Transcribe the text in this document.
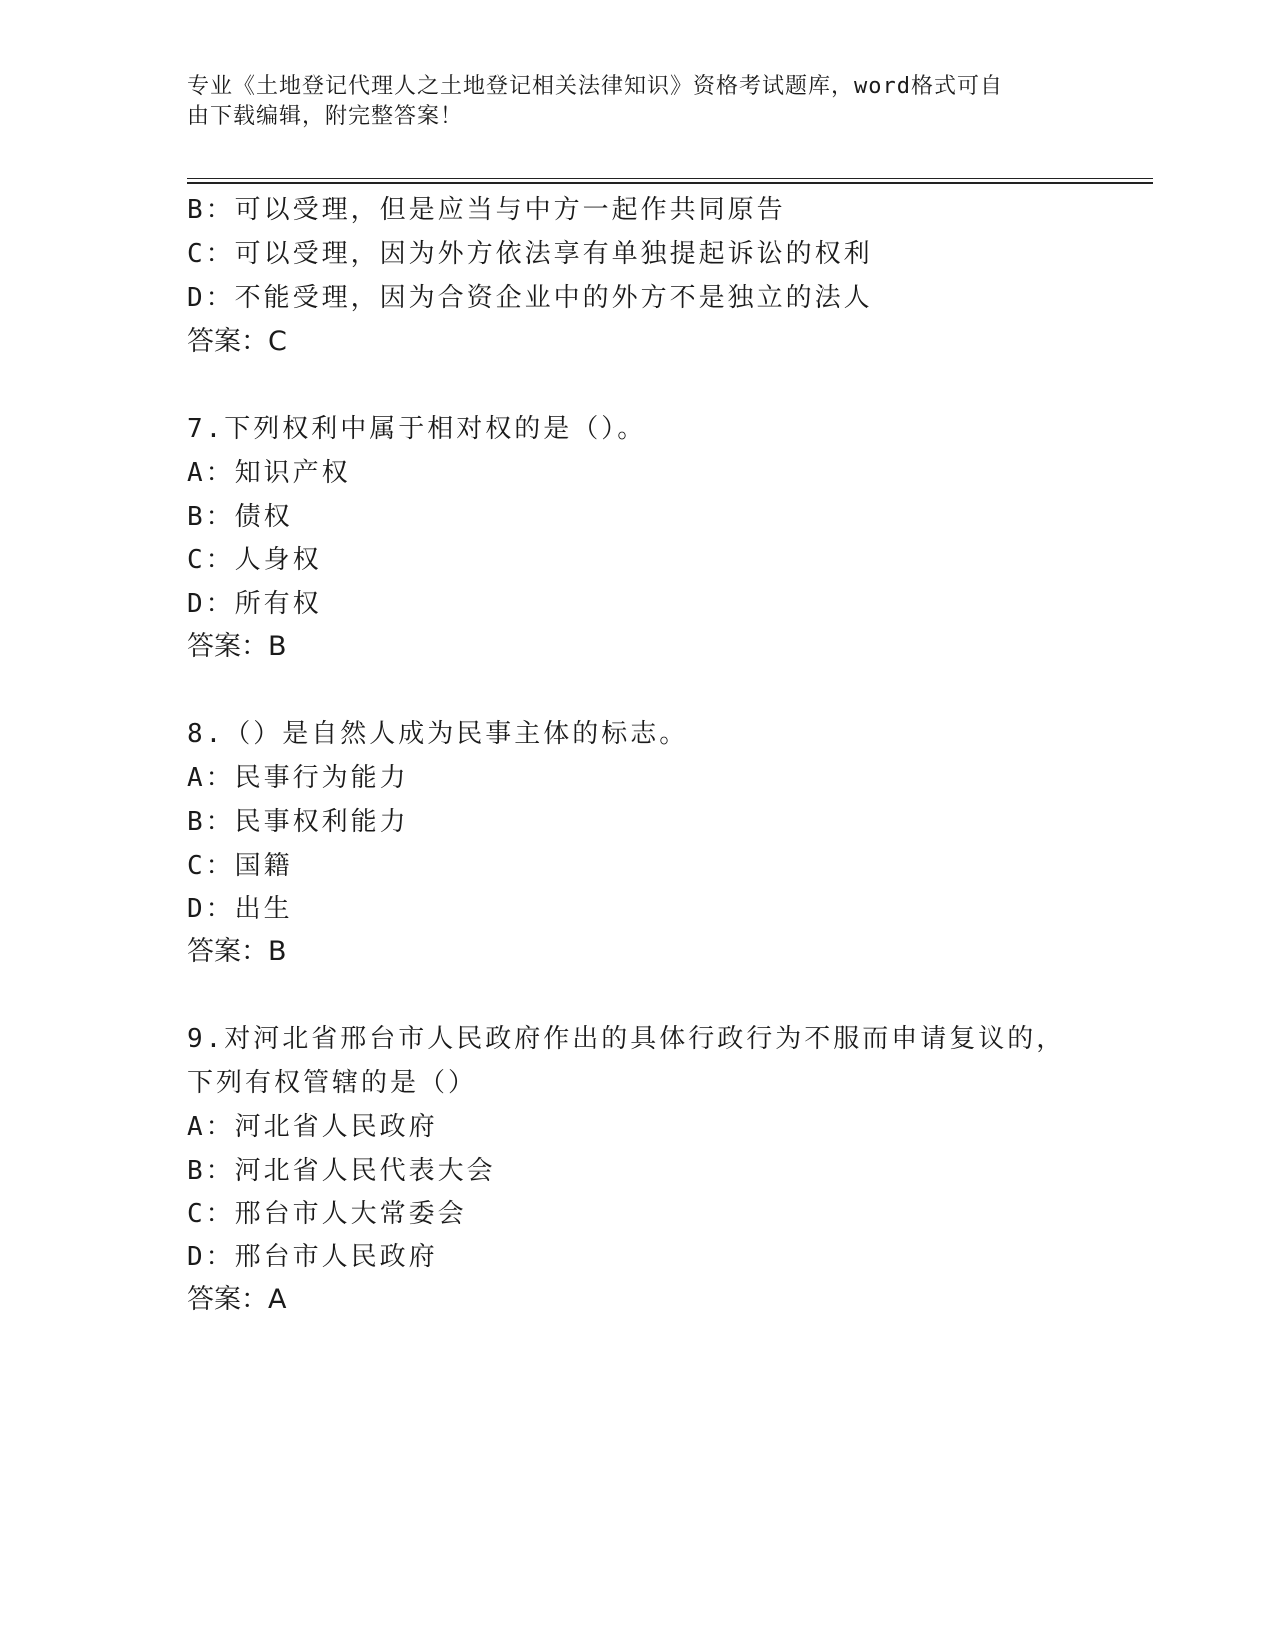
专业《土地登记代理人之土地登记相关法律知识》资格考试题库，word格式可自
由下载编辑，附完整答案！
B：可以受理，但是应当与中方一起作共同原告
C：可以受理，因为外方依法享有单独提起诉讼的权利
D：不能受理，因为合资企业中的外方不是独立的法人
答案：C
7.下列权利中属于相对权的是（）。
A：知识产权
B：债权
C：人身权
D：所有权
答案：B
8.（）是自然人成为民事主体的标志。
A：民事行为能力
B：民事权利能力
C：国籍
D：出生
答案：B
9.对河北省邢台市人民政府作出的具体行政行为不服而申请复议的，
下列有权管辖的是（）
A：河北省人民政府
B：河北省人民代表大会
C：邢台市人大常委会
D：邢台市人民政府
答案：A
